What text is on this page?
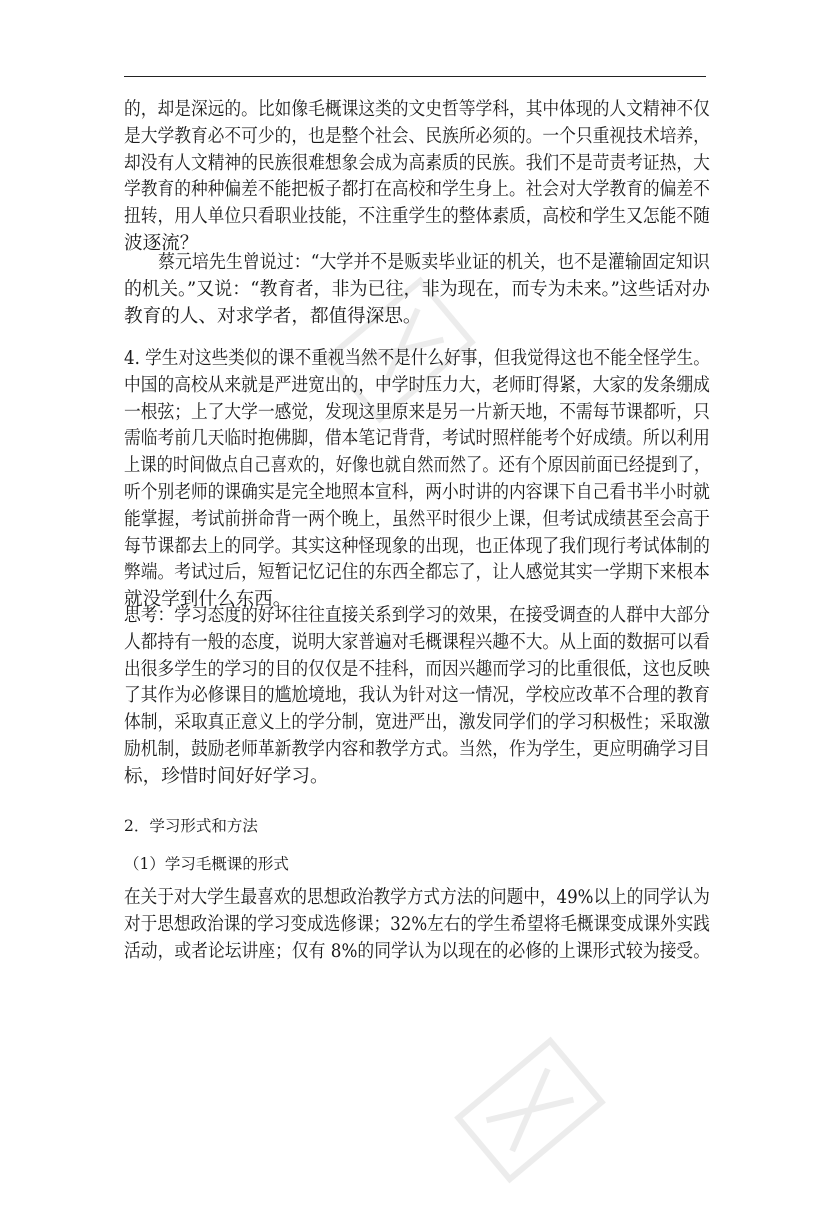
的，却是深远的。比如像毛概课这类的文史哲等学科，其中体现的人文精神不仅
是大学教育必不可少的，也是整个社会、民族所必须的。一个只重视技术培养，
却没有人文精神的民族很难想象会成为高素质的民族。我们不是苛责考证热，大
学教育的种种偏差不能把板子都打在高校和学生身上。社会对大学教育的偏差不
扭转，用人单位只看职业技能，不注重学生的整体素质，高校和学生又怎能不随
波逐流？
　　蔡元培先生曾说过：“大学并不是贩卖毕业证的机关，也不是灌输固定知识
的机关。”又说：“教育者，非为已往，非为现在，而专为未来。”这些话对办
教育的人、对求学者，都值得深思。
4. 学生对这些类似的课不重视当然不是什么好事，但我觉得这也不能全怪学生。
中国的高校从来就是严进宽出的，中学时压力大，老师盯得紧，大家的发条绷成
一根弦；上了大学一感觉，发现这里原来是另一片新天地，不需每节课都听，只
需临考前几天临时抱佛脚，借本笔记背背，考试时照样能考个好成绩。所以利用
上课的时间做点自己喜欢的，好像也就自然而然了。还有个原因前面已经提到了，
听个别老师的课确实是完全地照本宣科，两小时讲的内容课下自己看书半小时就
能掌握，考试前拼命背一两个晚上，虽然平时很少上课，但考试成绩甚至会高于
每节课都去上的同学。其实这种怪现象的出现，也正体现了我们现行考试体制的
弊端。考试过后，短暂记忆记住的东西全都忘了，让人感觉其实一学期下来根本
就没学到什么东西。
思考：学习态度的好坏往往直接关系到学习的效果，在接受调查的人群中大部分
人都持有一般的态度，说明大家普遍对毛概课程兴趣不大。从上面的数据可以看
出很多学生的学习的目的仅仅是不挂科，而因兴趣而学习的比重很低，这也反映
了其作为必修课目的尴尬境地，我认为针对这一情况，学校应改革不合理的教育
体制，采取真正意义上的学分制，宽进严出，激发同学们的学习积极性；采取激
励机制，鼓励老师革新教学内容和教学方式。当然，作为学生，更应明确学习目
标，珍惜时间好好学习。
2．学习形式和方法
（1）学习毛概课的形式
在关于对大学生最喜欢的思想政治教学方式方法的问题中，49%以上的同学认为
对于思想政治课的学习变成选修课；32%左右的学生希望将毛概课变成课外实践
活动，或者论坛讲座；仅有 8%的同学认为以现在的必修的上课形式较为接受。
